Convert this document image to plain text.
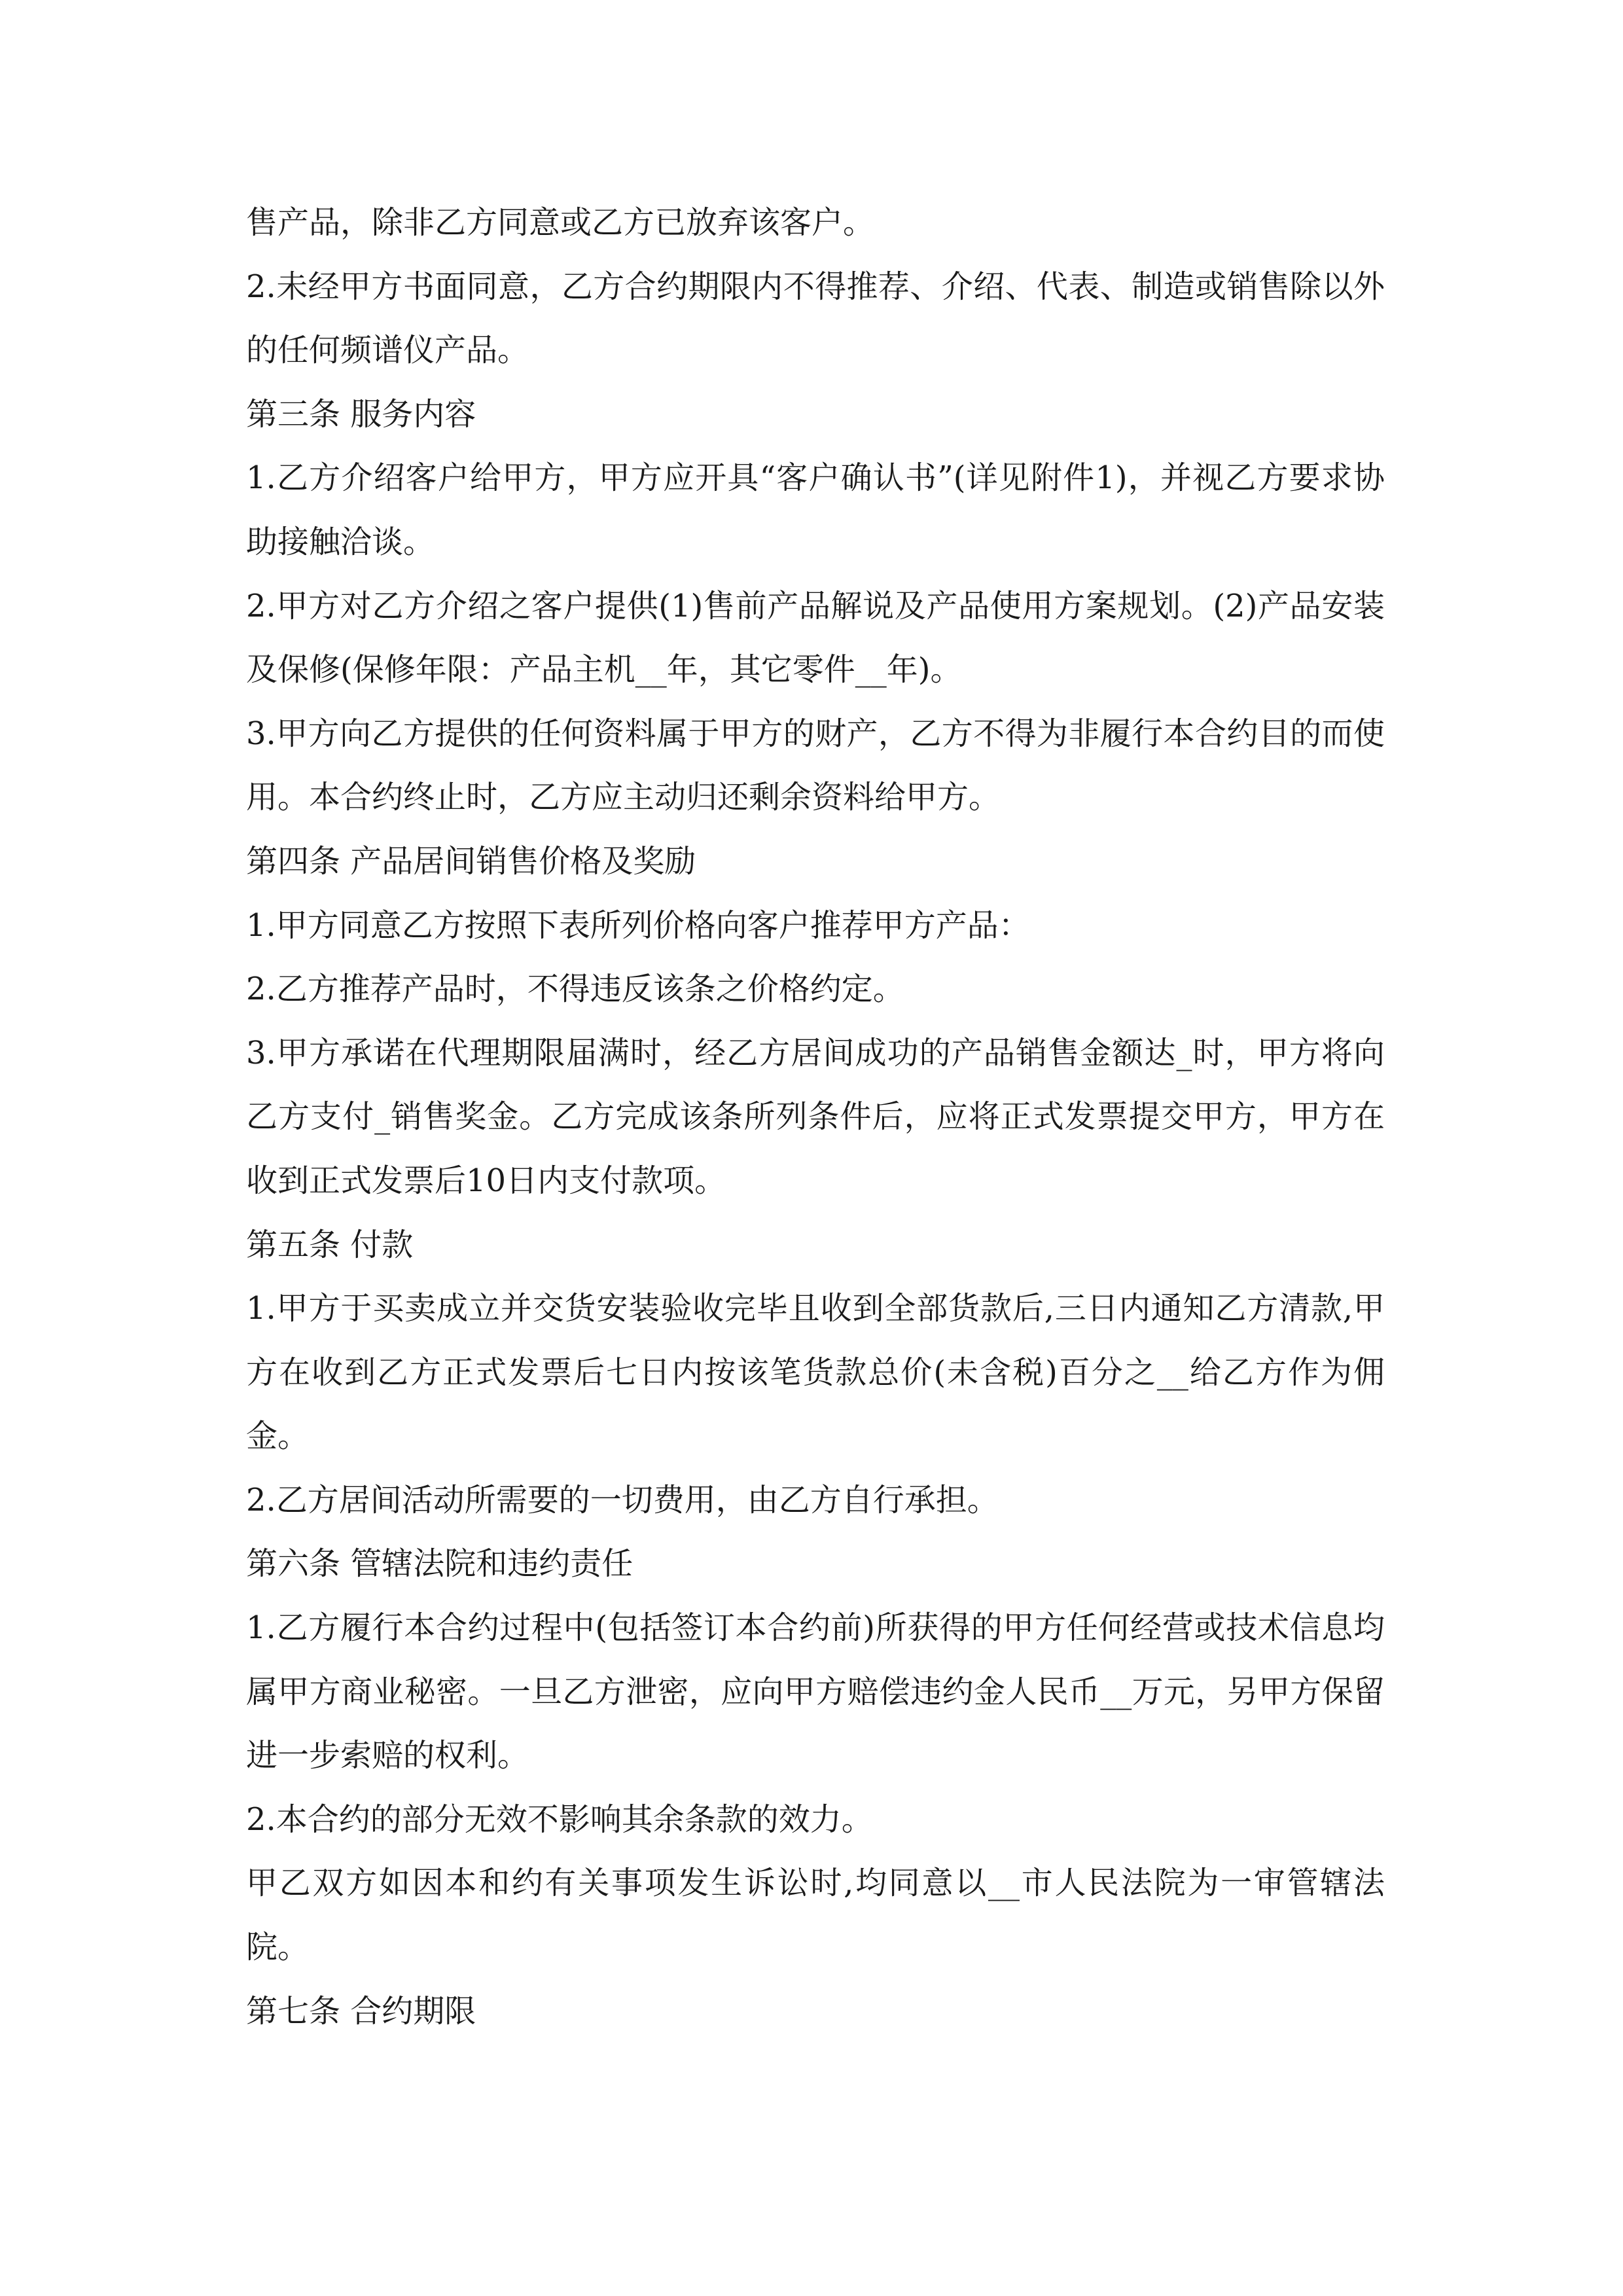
售产品，除非乙方同意或乙方已放弃该客户。

2.未经甲方书面同意，乙方合约期限内不得推荐、介绍、代表、制造或销售除以外的任何频谱仪产品。

第三条 服务内容

1.乙方介绍客户给甲方，甲方应开具“客户确认书”(详见附件1)，并视乙方要求协助接触洽谈。

2.甲方对乙方介绍之客户提供(1)售前产品解说及产品使用方案规划。(2)产品安装及保修(保修年限：产品主机__年，其它零件__年)。

3.甲方向乙方提供的任何资料属于甲方的财产，乙方不得为非履行本合约目的而使用。本合约终止时，乙方应主动归还剩余资料给甲方。

第四条 产品居间销售价格及奖励

1.甲方同意乙方按照下表所列价格向客户推荐甲方产品：

2.乙方推荐产品时，不得违反该条之价格约定。

3.甲方承诺在代理期限届满时，经乙方居间成功的产品销售金额达_时，甲方将向乙方支付_销售奖金。乙方完成该条所列条件后，应将正式发票提交甲方，甲方在收到正式发票后10日内支付款项。

第五条 付款

1.甲方于买卖成立并交货安装验收完毕且收到全部货款后,三日内通知乙方清款,甲方在收到乙方正式发票后七日内按该笔货款总价(未含税)百分之__给乙方作为佣金。

2.乙方居间活动所需要的一切费用，由乙方自行承担。

第六条 管辖法院和违约责任

1.乙方履行本合约过程中(包括签订本合约前)所获得的甲方任何经营或技术信息均属甲方商业秘密。一旦乙方泄密，应向甲方赔偿违约金人民币__万元，另甲方保留进一步索赔的权利。

2.本合约的部分无效不影响其余条款的效力。

甲乙双方如因本和约有关事项发生诉讼时,均同意以__市人民法院为一审管辖法院。

第七条 合约期限
